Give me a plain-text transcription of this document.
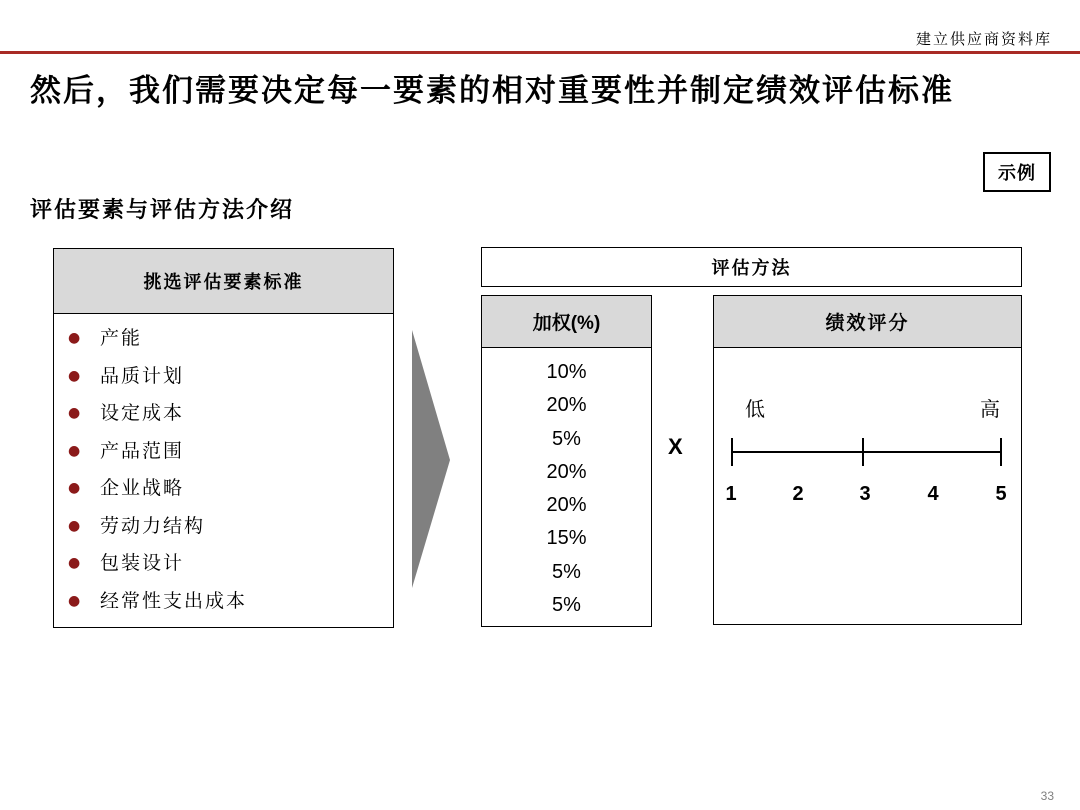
建立供应商资料库
然后，我们需要决定每一要素的相对重要性并制定绩效评估标准
示例
评估要素与评估方法介绍
挑选评估要素标准
● 产能
● 品质计划
● 设定成本
● 产品范围
● 企业战略
● 劳动力结构
● 包装设计
● 经常性支出成本
评估方法
加权(%)
10%
20%
5%
20%
20%
15%
5%
5%
X
绩效评分
低	高
1	2	3	4	5
33
